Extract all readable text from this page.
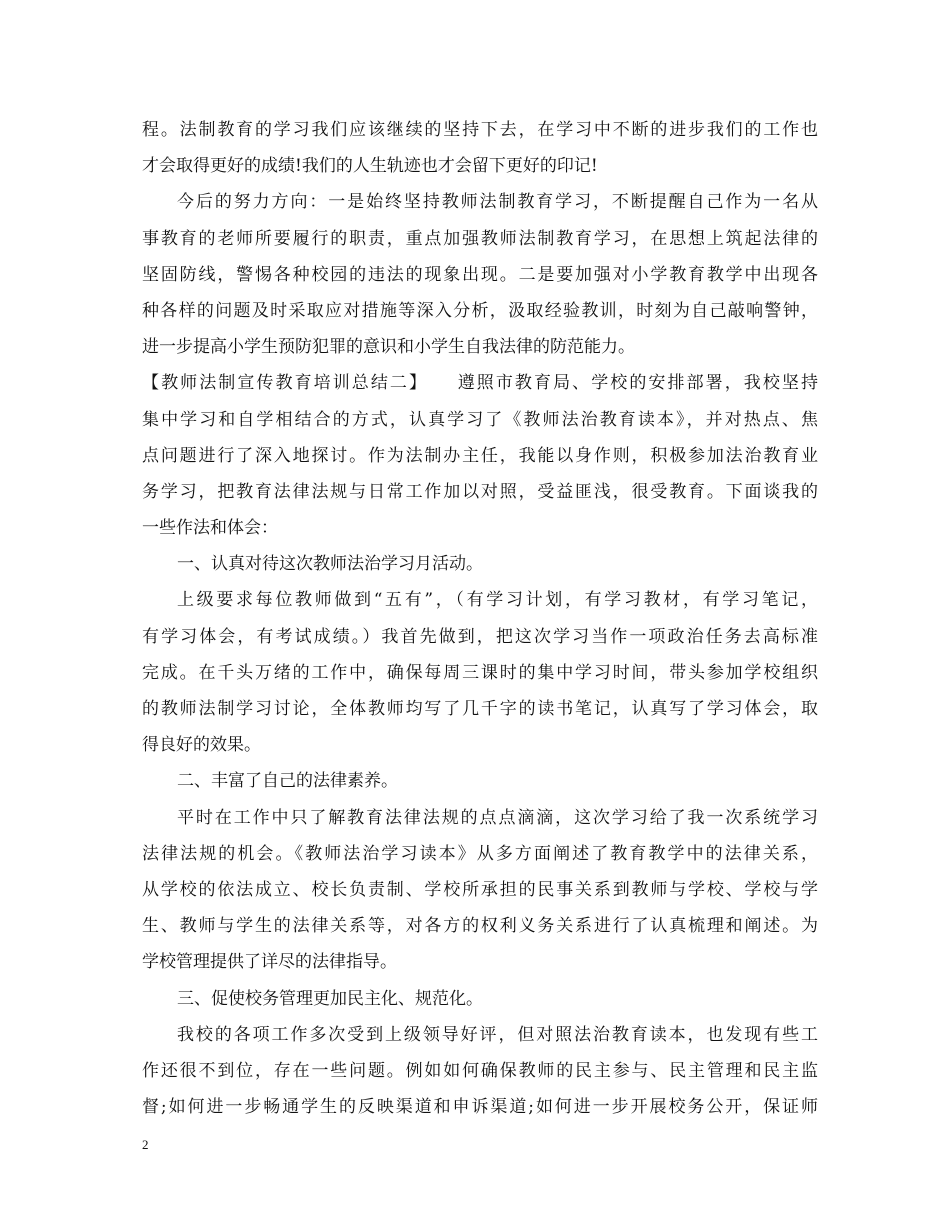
程。法制教育的学习我们应该继续的坚持下去，在学习中不断的进步我们的工作也
才会取得更好的成绩!我们的人生轨迹也才会留下更好的印记!
今后的努力方向：一是始终坚持教师法制教育学习，不断提醒自己作为一名从
事教育的老师所要履行的职责，重点加强教师法制教育学习，在思想上筑起法律的
坚固防线，警惕各种校园的违法的现象出现。二是要加强对小学教育教学中出现各
种各样的问题及时采取应对措施等深入分析，汲取经验教训，时刻为自己敲响警钟，
进一步提高小学生预防犯罪的意识和小学生自我法律的防范能力。
【教师法制宣传教育培训总结二】　　遵照市教育局、学校的安排部署，我校坚持
集中学习和自学相结合的方式，认真学习了《教师法治教育读本》，并对热点、焦
点问题进行了深入地探讨。作为法制办主任，我能以身作则，积极参加法治教育业
务学习，把教育法律法规与日常工作加以对照，受益匪浅，很受教育。下面谈我的
一些作法和体会：
一、认真对待这次教师法治学习月活动。
上级要求每位教师做到“五有”，（有学习计划，有学习教材，有学习笔记，
有学习体会，有考试成绩。）我首先做到，把这次学习当作一项政治任务去高标准
完成。在千头万绪的工作中，确保每周三课时的集中学习时间，带头参加学校组织
的教师法制学习讨论，全体教师均写了几千字的读书笔记，认真写了学习体会，取
得良好的效果。
二、丰富了自己的法律素养。
平时在工作中只了解教育法律法规的点点滴滴，这次学习给了我一次系统学习
法律法规的机会。《教师法治学习读本》从多方面阐述了教育教学中的法律关系，
从学校的依法成立、校长负责制、学校所承担的民事关系到教师与学校、学校与学
生、教师与学生的法律关系等，对各方的权利义务关系进行了认真梳理和阐述。为
学校管理提供了详尽的法律指导。
三、促使校务管理更加民主化、规范化。
我校的各项工作多次受到上级领导好评，但对照法治教育读本，也发现有些工
作还很不到位，存在一些问题。例如如何确保教师的民主参与、民主管理和民主监
督;如何进一步畅通学生的反映渠道和申诉渠道;如何进一步开展校务公开，保证师
2
